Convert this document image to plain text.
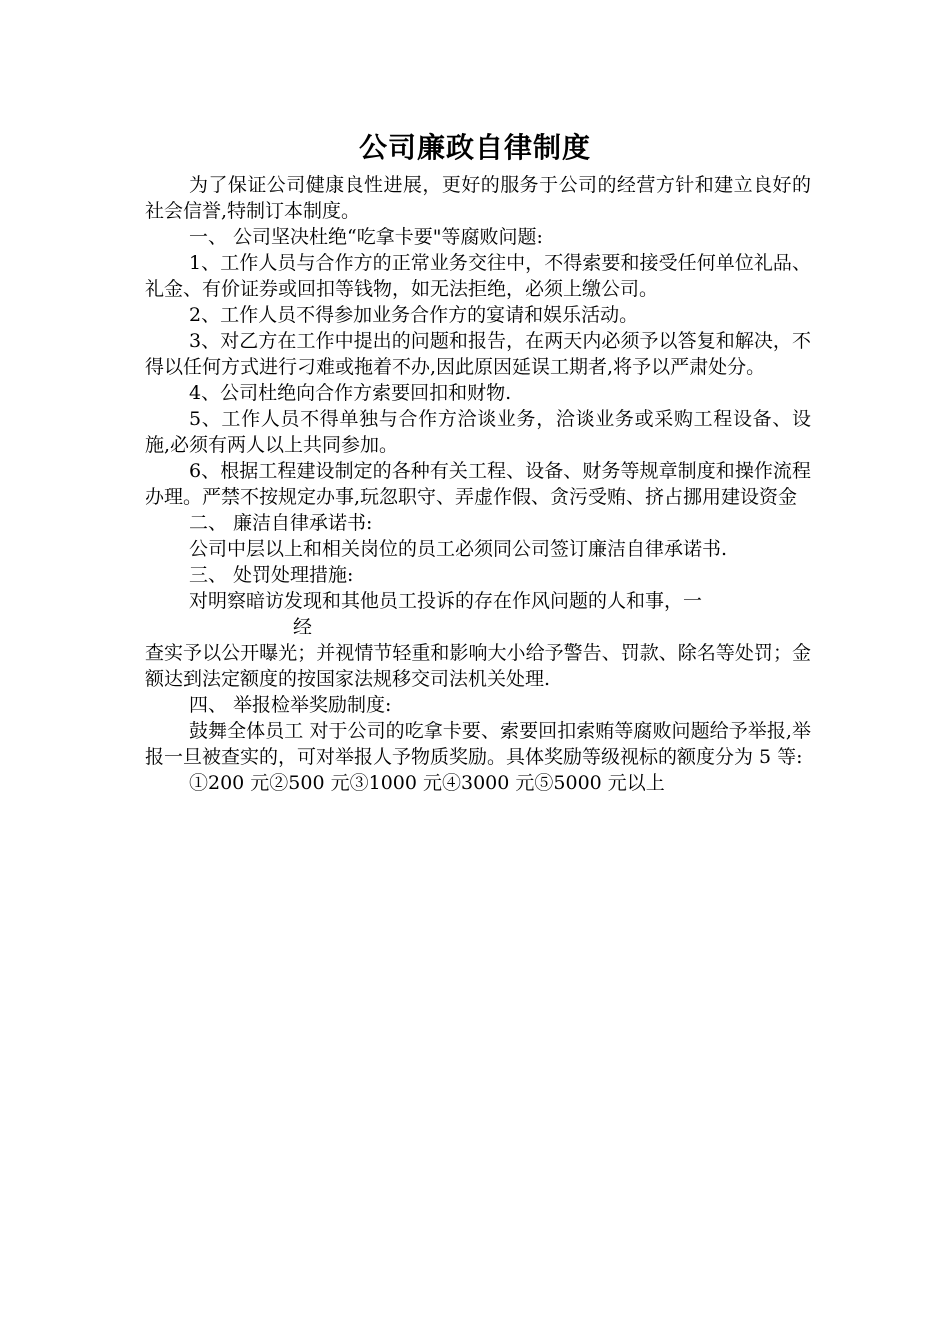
公司廉政自律制度

为了保证公司健康良性进展，更好的服务于公司的经营方针和建立良好的社会信誉,特制订本制度。

一、 公司坚决杜绝“吃拿卡要"等腐败问题:

1、工作人员与合作方的正常业务交往中，不得索要和接受任何单位礼品、礼金、有价证券或回扣等钱物，如无法拒绝，必须上缴公司。

2、工作人员不得参加业务合作方的宴请和娱乐活动。

3、对乙方在工作中提出的问题和报告，在两天内必须予以答复和解决，不得以任何方式进行刁难或拖着不办,因此原因延误工期者,将予以严肃处分。

4、公司杜绝向合作方索要回扣和财物.

5、工作人员不得单独与合作方洽谈业务，洽谈业务或采购工程设备、设施,必须有两人以上共同参加。

6、根据工程建设制定的各种有关工程、设备、财务等规章制度和操作流程办理。严禁不按规定办事,玩忽职守、弄虚作假、贪污受贿、挤占挪用建设资金

二、 廉洁自律承诺书:

公司中层以上和相关岗位的员工必须同公司签订廉洁自律承诺书.

三、 处罚处理措施:

对明察暗访发现和其他员工投诉的存在作风问题的人和事，一

经

查实予以公开曝光；并视情节轻重和影响大小给予警告、罚款、除名等处罚；金额达到法定额度的按国家法规移交司法机关处理.

四、 举报检举奖励制度:

鼓舞全体员工 对于公司的吃拿卡要、索要回扣索贿等腐败问题给予举报,举报一旦被查实的，可对举报人予物质奖励。具体奖励等级视标的额度分为 5 等:

①200 元②500 元③1000 元④3000 元⑤5000 元以上
